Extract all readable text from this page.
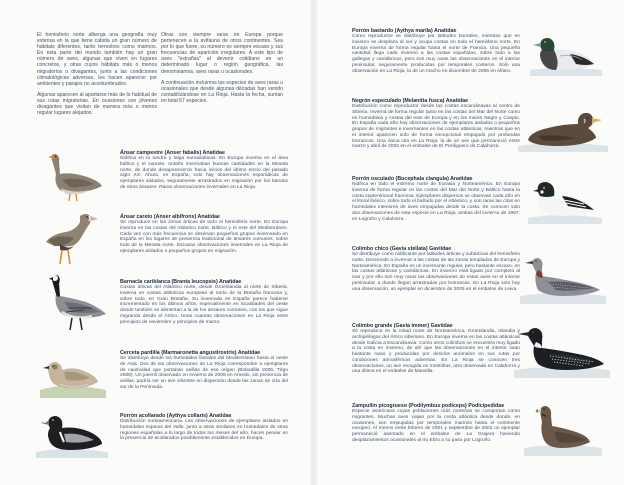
El hemisferio norte alberga una geografía muy extensa en la que tiene cabida un gran número de hábitats diferentes, tanto terrestres como marinos. En esta parte del mundo también hay un gran número de aves, algunas que viven en lugares concretos, y otras cuyos hábitats más o menos migratorios o divagantes, junto a las condiciones climatológicas adversas, les hacen aparecer por ambientes y parajes no acostumbrados.

Algunas aparecen al apartarse más de lo habitual de sus rutas migratorias. En ocasiones son jóvenes divagantes que visitan de manera más o menos regular lugares alejados.

Otras son siempre raras en Europa porque pertenecen a la avifauna de otros continentes. Sea por lo que fuere, su número es siempre escaso y sus frecuencias de aparición irregulares. A este tipo de aves "extrañas" al devenir cotidiano en un determinado lugar o región geográfica, las denominamos, aves raras u ocasionales.

A continuación incluimos las especies de aves raras u ocasionales que desde algunas décadas han venido contabilizándose en La Rioja. Hasta la fecha, suman en total 67 especies.

Ánsar campestre (Anser fabalis) Anatidae

Nidifica en la tundra y taiga euroasiáticas. En Europa inverna en el área báltica y el sureste. Antaño invernaban buenas cantidades en la Meseta norte, de donde desaparecieron hacia inicios del último tercio del pasado siglo XX. Ahora, en España, solo hay observaciones esporádicas de ejemplares aislados, seguramente arrastrados en migración por los bandos de otros ánsares. Raras observaciones invernales en La Rioja.

Ánsar careto (Anser albifrons) Anatidae

Se reproduce en las zonas árticas de todo el hemisferio norte. En Europa inverna en las costas del Atlántico norte, Báltico y el este del Mediterráneo. Cada vez con más frecuencia se observan pequeños grupos invernando en España en los lugares de presencia tradicional de ánsares comunes, sobre todo de la Meseta norte. Escasas observaciones invernales en La Rioja de ejemplares aislados o pequeños grupos en migración.

Barnacla cariblanca (Branta leucopsis) Anatidae

Costas árticas del Atlántico norte, desde Groenlandia al norte de Siberia. Inverna en costas atlánticas europeas al norte de la Bretaña francesa y, sobre todo, en Gran Bretaña. Su invernada en España parece haberse incrementado en los últimos años, especialmente en localidades del oeste donde también se alimentan a la de los ánsares comunes, con los que sigue migrando desde el Ártico. Unas cuantas observaciones en La Rioja entre principios de noviembre y principios de marzo.

Cerceta pardilla (Marmaronetta angustirostris) Anatidae

Se distribuye desde los humedales litorales del Mediterráneo hasta el oeste de Asia. Dos de las observaciones de La Rioja corresponden a ejemplares de cautividad que portaban anillas de ese origen (Bobadilla 2006, Tirgo 2008). Un juvenil observado en invierno de 2009 en Arnedo, sin presencia de anillas, podría ser un ave silvestre en dispersión desde las zonas de cría del sur de la Península.

Porrón acollarado (Aythya collaris) Anatidae

Distribución norteamericana. Las observaciones de ejemplares aislados en humedales riojanos del Valle, junto a otras similares en humedales de otras regiones españolas a lo largo de todos los meses del año, hacen pensar en la presencia de acollarados posiblemente establecidos en Europa.

Porrón bastardo (Aythya marila) Anatidae

Como reproductor se distribuye por latitudes boreales, mientras que en invierno se desplaza al sur y ocupa costas en todo el hemisferio norte. En Europa inverna de forma regular hasta el norte de Francia. Una pequeña cantidad llega cada invierno a las costas españolas, sobre todo a las gallegas y cantábricas, pero son muy raras las observaciones en el interior peninsular, seguramente producidas por temporales costeros. Solo una observación en La Rioja, la de un macho en diciembre de 2006 en Alfaro.

Negrón especulado (Melanitta fusca) Anatidae

Distribución como reproductor desde las costas escandinavas al centro de Siberia. Inverna de forma regular tanto en las costas del Mar del Norte como en humedales y costas del este de Europa y en los mares Negro y Caspio. En España cada año hay observaciones de ejemplares aislados o pequeños grupos de migrantes e invernantes en las costas atlánticas, mientras que en el interior aparecen solo de forma excepcional empujado por profundas borrascas. Una única cita en La Rioja, la de un ave que permaneció entre marzo y abril de 2002 en el embalse de El Perdiguero de Calahorra.

Porrón osculado (Bucephala clangula) Anatidae

Nidifica en todo el extremo norte de Eurasia y Norteamérica. En Europa inverna de forma regular en las costas del Mar del Norte y Báltico hasta la costa septentrional francesa. Ejemplares dispersos se observan cada año en el litoral ibérico, sobre todo el bañado por el Atlántico, y son raras las citas en humedales interiores de aves empujadas desde la costa. Se conocen solo dos observaciones de esta especie en La Rioja, ambas del invierno de 1987, en Logroño y Calahorra.

Colimbo chico (Gavia stellata) Gaviidae

Se distribuye como nidificante por latitudes árticas y subárticas del hemisferio norte. Desciende a invernar a las costas de las zonas templadas de Europa y Norteamérica. En España es un invernante regular, pero bastante escaso, en las costas atlánticas y cantábricas. En invierno está ligado por completo al mar y por ello son muy raras las observaciones de estas aves en el interior peninsular, a donde llegan arrastradas por borrascas. En La Rioja solo hay una observación, un ejemplar en diciembre de 2005 en el embalse de Leiva.

Colimbo grande (Gavia immer) Gaviidae

Se reproduce en la mitad norte de Norteamérica, Groenlandia, Islandia y archipiélagos del Ártico siberiano. En Europa inverna en las costas atlánticas desde Galicia a Escandinavia. Como otros colimbos se encuentra muy ligado a la costa en invierno, de ahí que las observaciones en el interior sean bastante raras y producidas por desvíos anómalos en sus rutas por condiciones atmosféricas adversas. En La Rioja se conocen tres observaciones, un ave recogida en Inestrillas, otra observada en Calahorra y una última en el embalse de Mansilla.

Zampullín picogrueso (Podilymbus podiceps) Podicipedidae

Especie americana cuyas poblaciones más norteñas se comportan como migrantes. Muchas aves viajan por la costa atlántica desde donde, en ocasiones, son empujadas por temporales marinos hasta el continente europeo. Al menos entre febrero de 2001 y septiembre de 2002 un ejemplar permaneció asentado en el embalse de La Grajera haciendo desplazamientos ocasionales al río Ebro a su paso por Logroño.
